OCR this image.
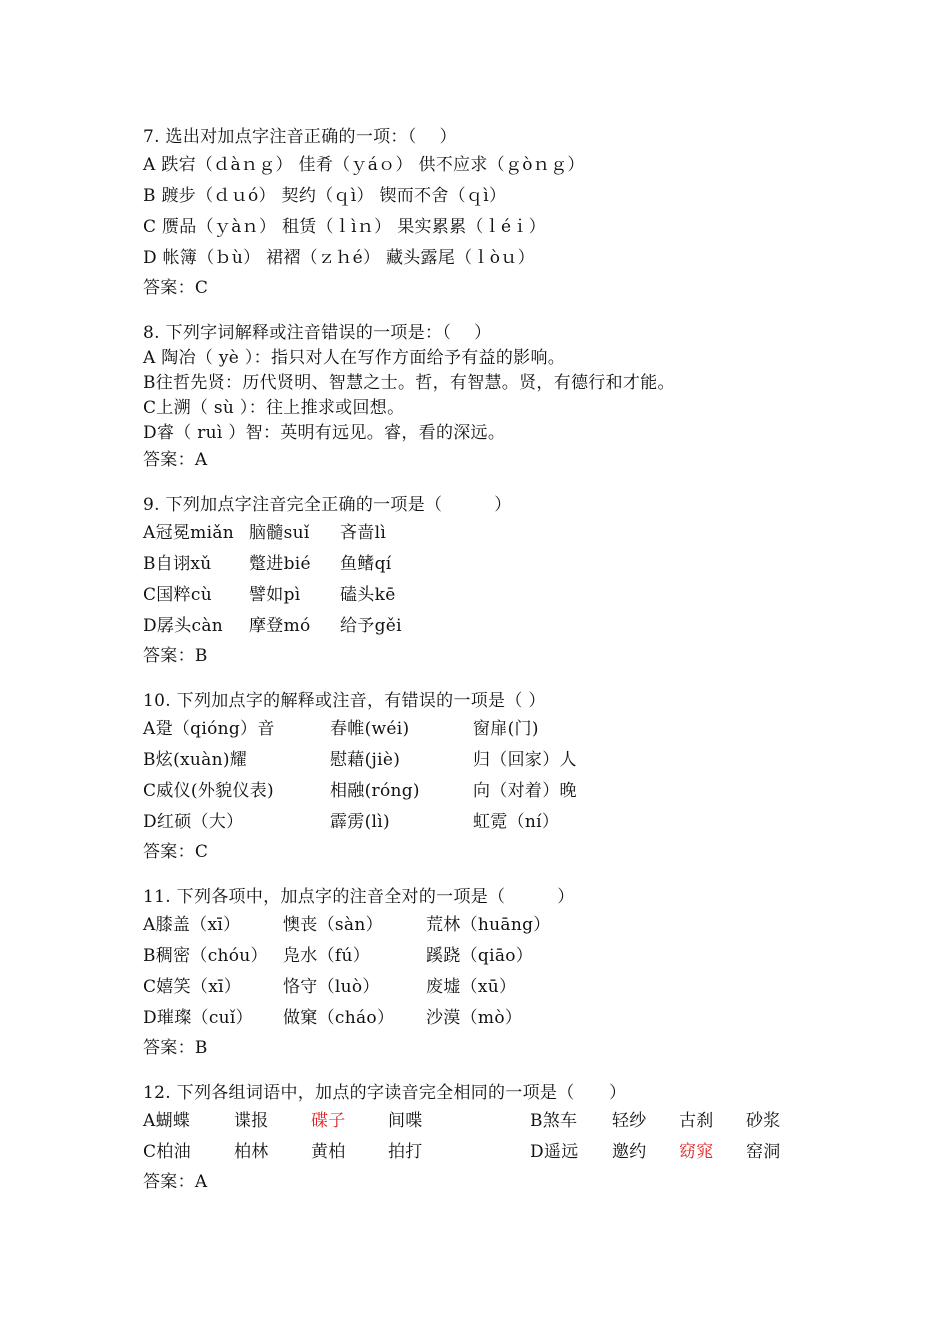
7. 选出对加点字注音正确的一项：（　 ）
A 跌宕（ｄàｎｇ） 佳肴（ｙáｏ） 供不应求（ｇòｎｇ）
B 踱步（ｄｕó） 契约（ｑì） 锲而不舍（ｑì）
C 赝品（ｙàｎ） 租赁（ｌìｎ） 果实累累（ｌéｉ）
D 帐簿（ｂù） 裙褶（ｚｈé） 藏头露尾（ｌòｕ）
答案：C
8. 下列字词解释或注音错误的一项是：（　 ）
A 陶冶（ yè ）：指只对人在写作方面给予有益的影响。
B往哲先贤：历代贤明、智慧之士。哲，有智慧。贤，有德行和才能。
C上溯（ sù ）：往上推求或回想。
D睿（ ruì ）智：英明有远见。睿，看的深远。
答案：A
9. 下列加点字注音完全正确的一项是（　　　）
A冠冕miǎn 脑髓suǐ	吝啬lì
B自诩xǔ	蹩进bié	鱼鳍qí
C国粹cù	譬如pì	磕头kē
D孱头càn	摩登mó	给予gěi
答案：B
10. 下列加点字的解释或注音，有错误的一项是（ ）
A跫（qióng）音	春帷(wéi)	窗扉(门)
B炫(xuàn)耀	慰藉(jiè)	归（回家）人
C威仪(外貌仪表)	相融(róng)	向（对着）晚
D红硕（大）	霹雳(lì)	虹霓（ní）
答案：C
11. 下列各项中，加点字的注音全对的一项是（　　　）
A膝盖（xī）	懊丧（sàn）	荒林（huāng）
B稠密（chóu） 凫水（fú）	蹊跷（qiāo）
C嬉笑（xī）	恪守（luò）	废墟（xū）
D璀璨（cuǐ）	做窠（cháo）	沙漠（mò）
答案：B
12. 下列各组词语中，加点的字读音完全相同的一项是（　　）
A蝴蝶	谍报	碟子	间喋	B煞车	轻纱	古刹	砂浆
C柏油	柏林	黄柏	拍打	D遥远	邀约	窈窕	窑洞
答案：A
